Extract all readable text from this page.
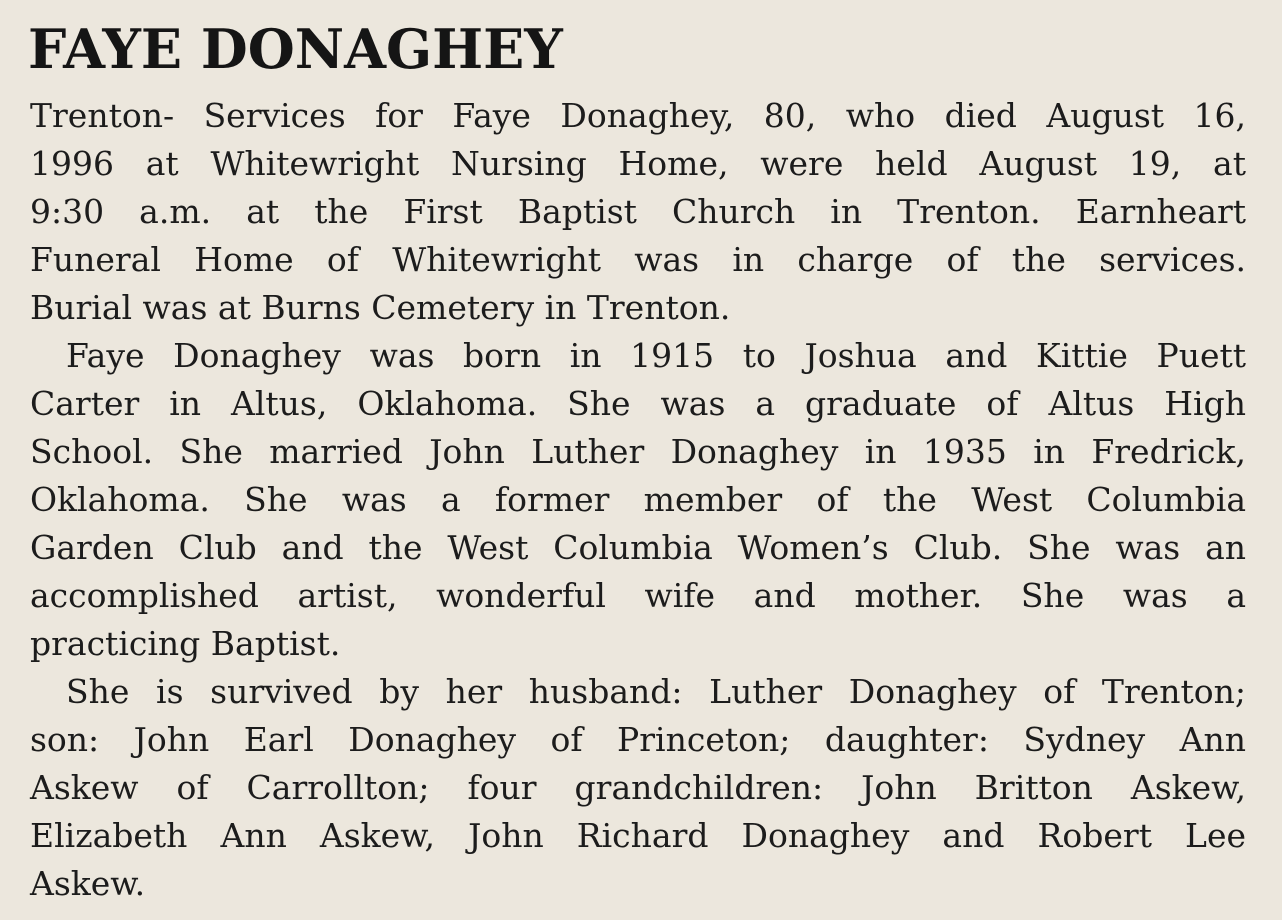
FAYE DONAGHEY

Trenton- Services for Faye Donaghey, 80, who died August 16,

1996 at Whitewright Nursing Home, were held August 19, at

9:30 a.m. at the First Baptist Church in Trenton. Earnheart

Funeral Home of Whitewright was in charge of the services.

Burial was at Burns Cemetery in Trenton.

Faye Donaghey was born in 1915 to Joshua and Kittie Puett

Carter in Altus, Oklahoma. She was a graduate of Altus High

School. She married John Luther Donaghey in 1935 in Fredrick,

Oklahoma. She was a former member of the West Columbia

Garden Club and the West Columbia Women’s Club. She was an

accomplished artist, wonderful wife and mother. She was a

practicing Baptist.

She is survived by her husband: Luther Donaghey of Trenton;

son: John Earl Donaghey of Princeton; daughter: Sydney Ann

Askew of Carrollton; four grandchildren: John Britton Askew,

Elizabeth Ann Askew, John Richard Donaghey and Robert Lee

Askew.
